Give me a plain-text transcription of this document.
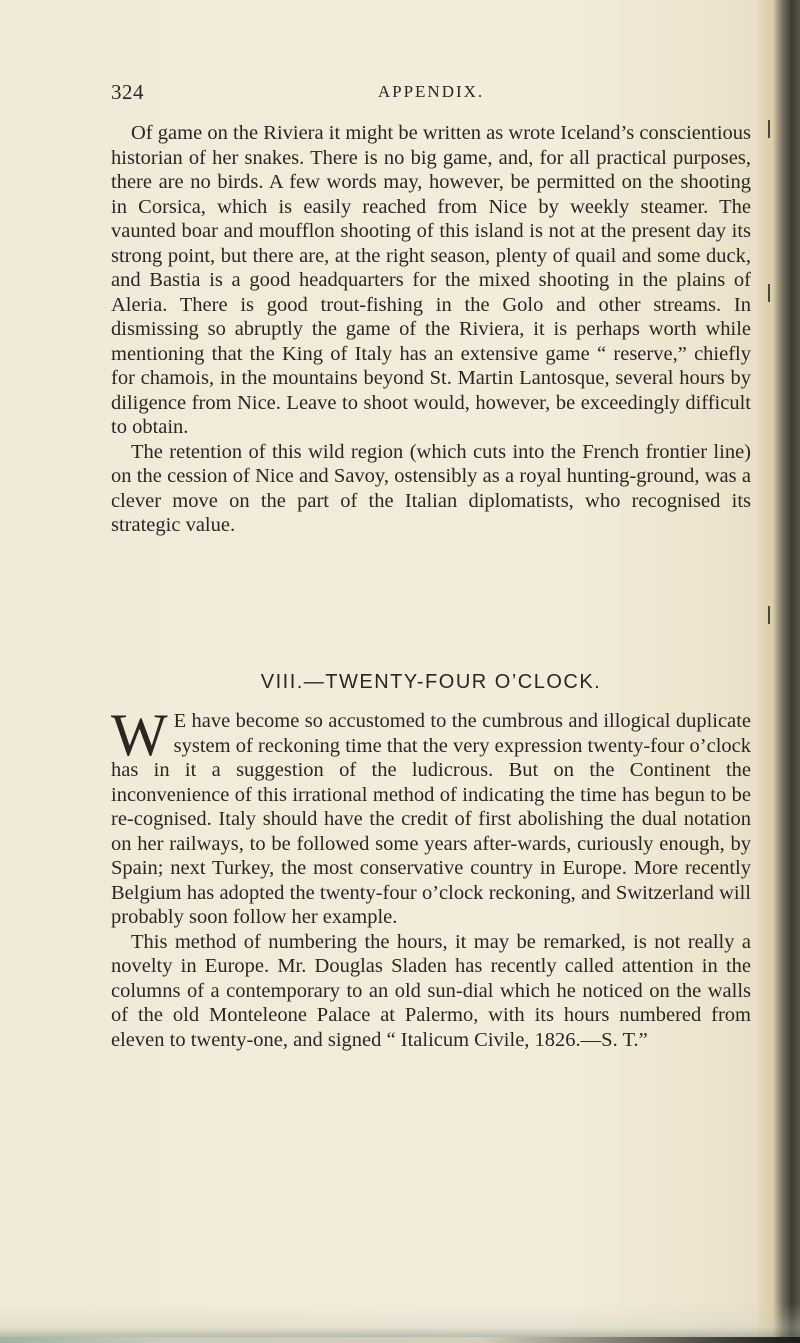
324	APPENDIX.

Of game on the Riviera it might be written as wrote Iceland’s conscientious historian of her snakes. There is no big game, and, for all practical purposes, there are no birds. A few words may, however, be permitted on the shooting in Corsica, which is easily reached from Nice by weekly steamer. The vaunted boar and moufflon shooting of this island is not at the present day its strong point, but there are, at the right season, plenty of quail and some duck, and Bastia is a good headquarters for the mixed shooting in the plains of Aleria. There is good trout-fishing in the Golo and other streams. In dismissing so abruptly the game of the Riviera, it is perhaps worth while mentioning that the King of Italy has an extensive game “ reserve,” chiefly for chamois, in the mountains beyond St. Martin Lantosque, several hours by diligence from Nice. Leave to shoot would, however, be exceedingly difficult to obtain.

The retention of this wild region (which cuts into the French frontier line) on the cession of Nice and Savoy, ostensibly as a royal hunting-ground, was a clever move on the part of the Italian diplomatists, who recognised its strategic value.

VIII.—TWENTY-FOUR O’CLOCK.

W E have become so accustomed to the cumbrous and illogical duplicate system of reckoning time that the very expression twenty-four o’clock has in it a suggestion of the ludicrous. But on the Continent the inconvenience of this irrational method of indicating the time has begun to be re-cognised. Italy should have the credit of first abolishing the dual notation on her railways, to be followed some years after-wards, curiously enough, by Spain; next Turkey, the most conservative country in Europe. More recently Belgium has adopted the twenty-four o’clock reckoning, and Switzerland will probably soon follow her example.

This method of numbering the hours, it may be remarked, is not really a novelty in Europe. Mr. Douglas Sladen has recently called attention in the columns of a contemporary to an old sun-dial which he noticed on the walls of the old Monteleone Palace at Palermo, with its hours numbered from eleven to twenty-one, and signed “ Italicum Civile, 1826.—S. T.”
